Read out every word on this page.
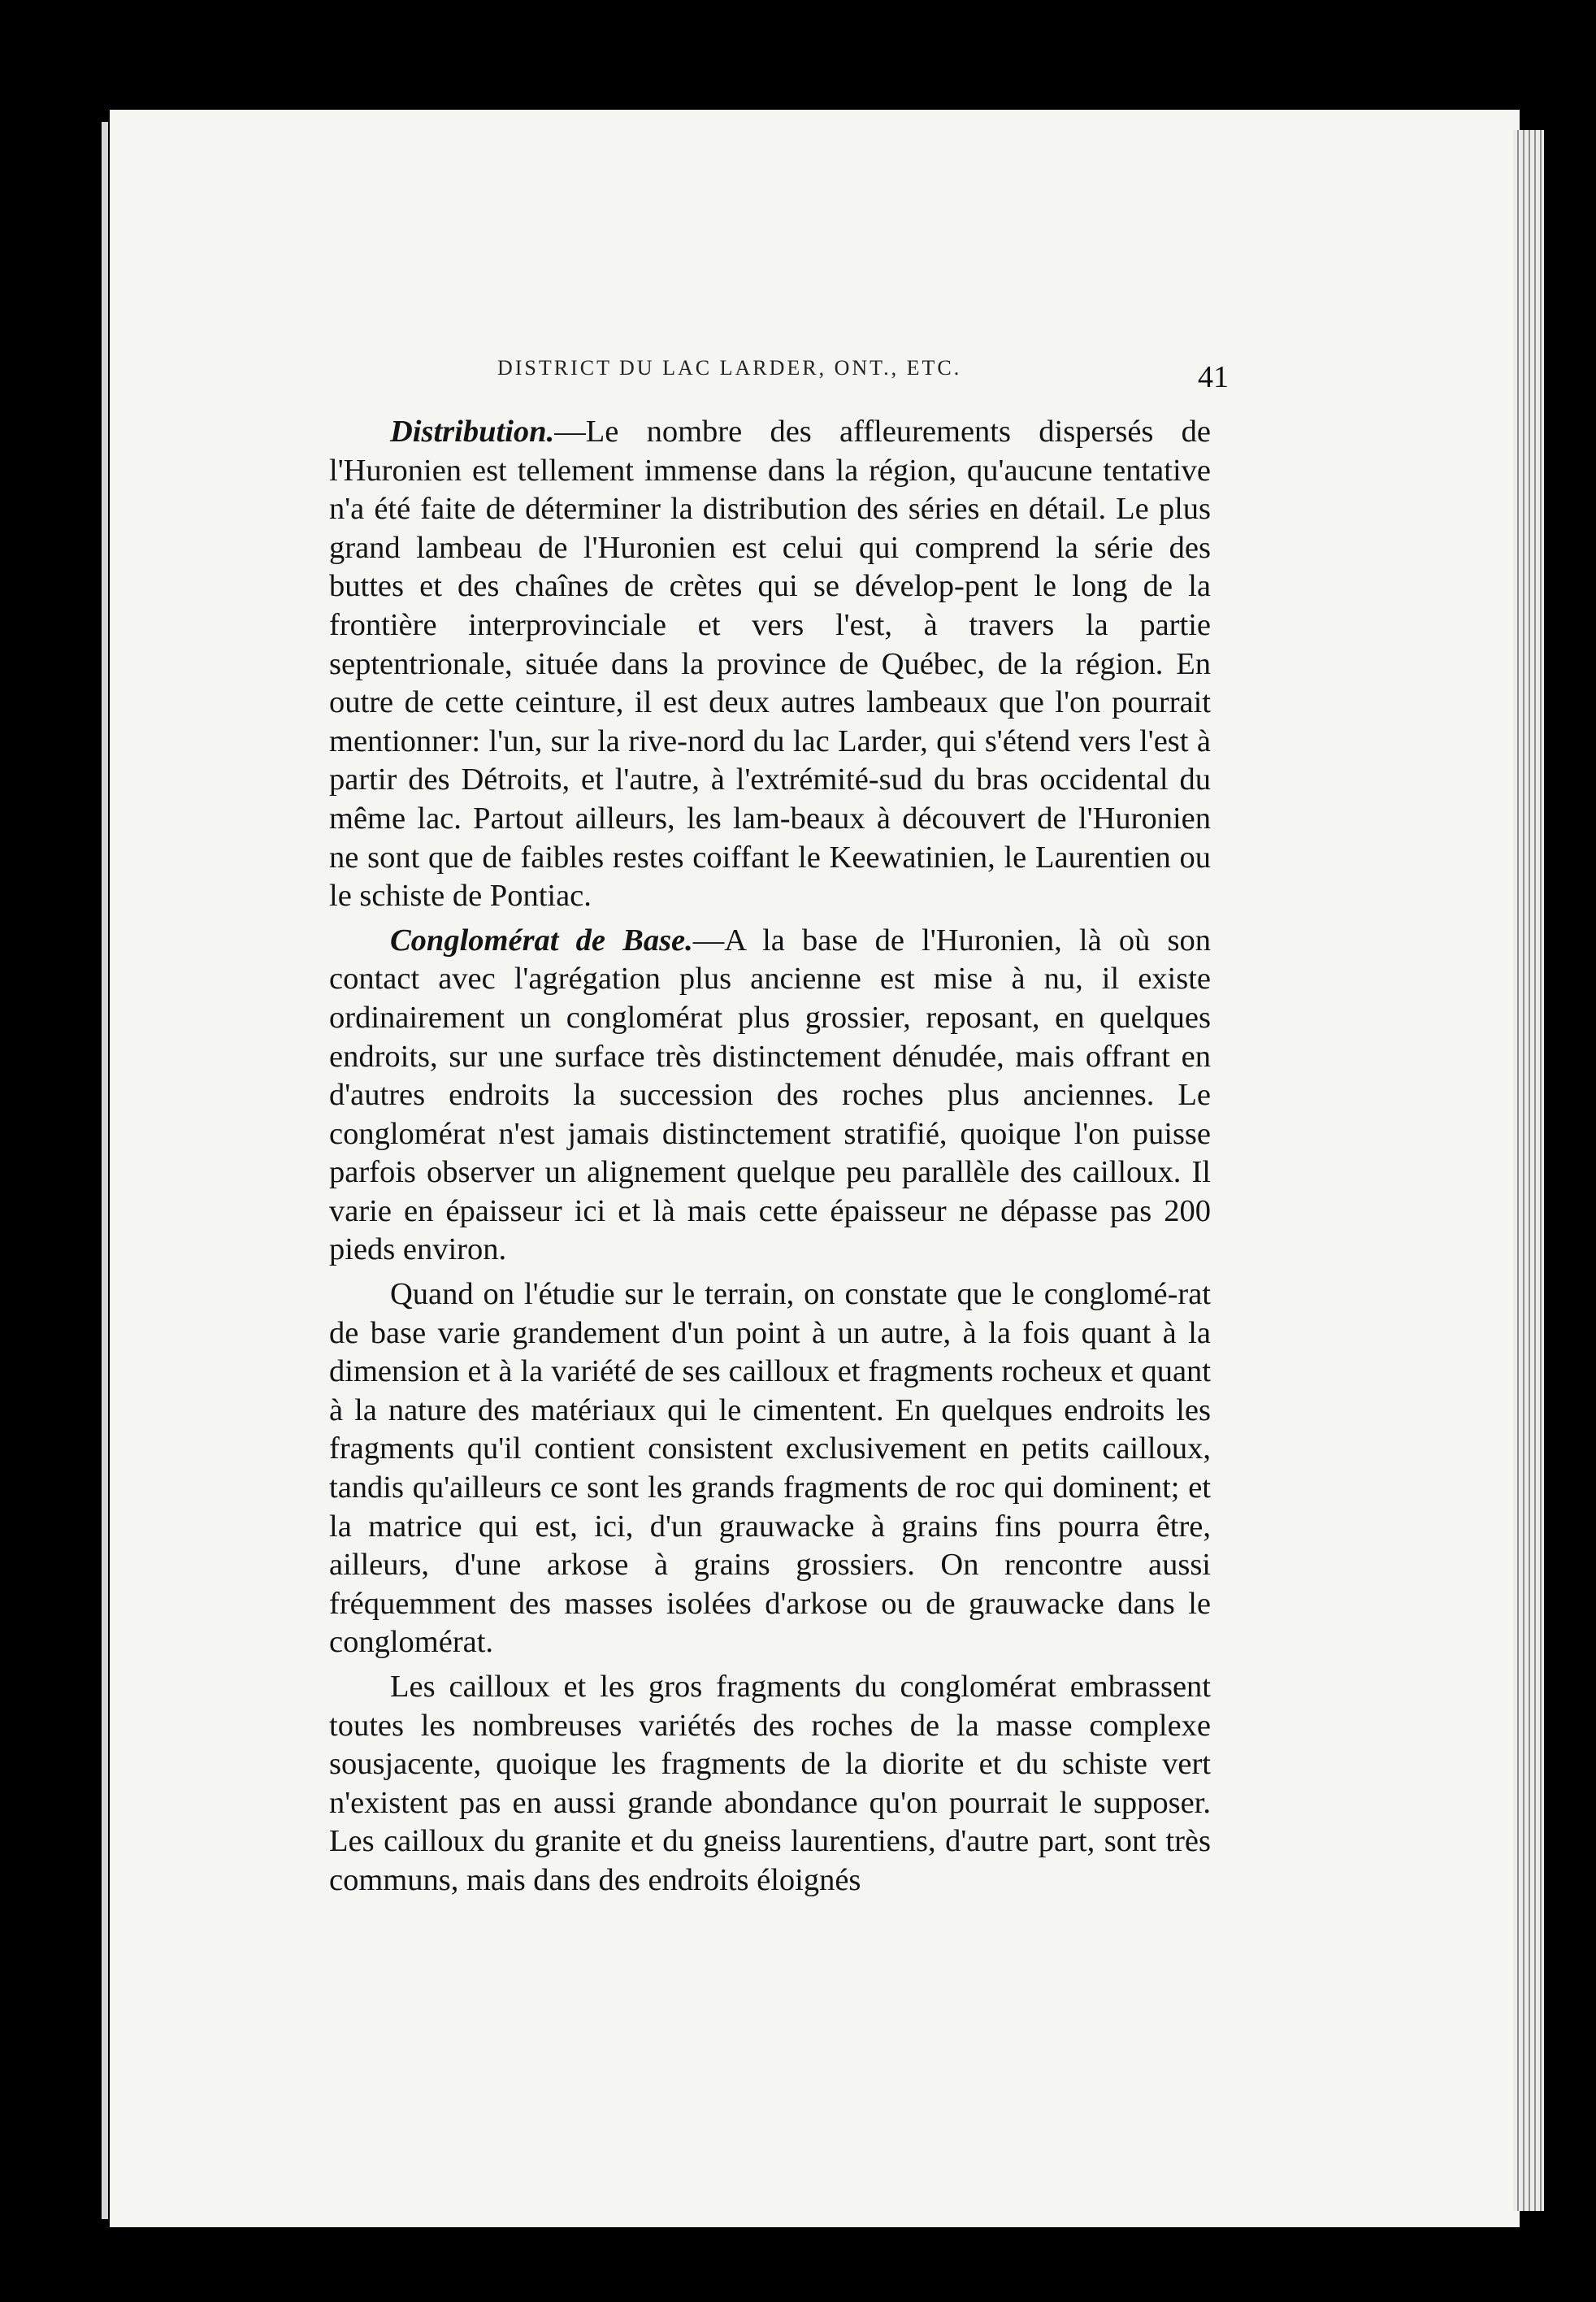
DISTRICT DU LAC LARDER, ONT., ETC.	41

Distribution.—Le nombre des affleurements dispersés de l'Huronien est tellement immense dans la région, qu'aucune tentative n'a été faite de déterminer la distribution des séries en détail. Le plus grand lambeau de l'Huronien est celui qui comprend la série des buttes et des chaînes de crètes qui se dévelop-pent le long de la frontière interprovinciale et vers l'est, à travers la partie septentrionale, située dans la province de Québec, de la région. En outre de cette ceinture, il est deux autres lambeaux que l'on pourrait mentionner: l'un, sur la rive-nord du lac Larder, qui s'étend vers l'est à partir des Détroits, et l'autre, à l'extrémité-sud du bras occidental du même lac. Partout ailleurs, les lam-beaux à découvert de l'Huronien ne sont que de faibles restes coiffant le Keewatinien, le Laurentien ou le schiste de Pontiac.

Conglomérat de Base.—A la base de l'Huronien, là où son contact avec l'agrégation plus ancienne est mise à nu, il existe ordinairement un conglomérat plus grossier, reposant, en quelques endroits, sur une surface très distinctement dénudée, mais offrant en d'autres endroits la succession des roches plus anciennes. Le conglomérat n'est jamais distinctement stratifié, quoique l'on puisse parfois observer un alignement quelque peu parallèle des cailloux. Il varie en épaisseur ici et là mais cette épaisseur ne dépasse pas 200 pieds environ.

Quand on l'étudie sur le terrain, on constate que le conglomé-rat de base varie grandement d'un point à un autre, à la fois quant à la dimension et à la variété de ses cailloux et fragments rocheux et quant à la nature des matériaux qui le cimentent. En quelques endroits les fragments qu'il contient consistent exclusivement en petits cailloux, tandis qu'ailleurs ce sont les grands fragments de roc qui dominent; et la matrice qui est, ici, d'un grauwacke à grains fins pourra être, ailleurs, d'une arkose à grains grossiers. On rencontre aussi fréquemment des masses isolées d'arkose ou de grauwacke dans le conglomérat.

Les cailloux et les gros fragments du conglomérat embrassent toutes les nombreuses variétés des roches de la masse complexe sousjacente, quoique les fragments de la diorite et du schiste vert n'existent pas en aussi grande abondance qu'on pourrait le supposer. Les cailloux du granite et du gneiss laurentiens, d'autre part, sont très communs, mais dans des endroits éloignés
